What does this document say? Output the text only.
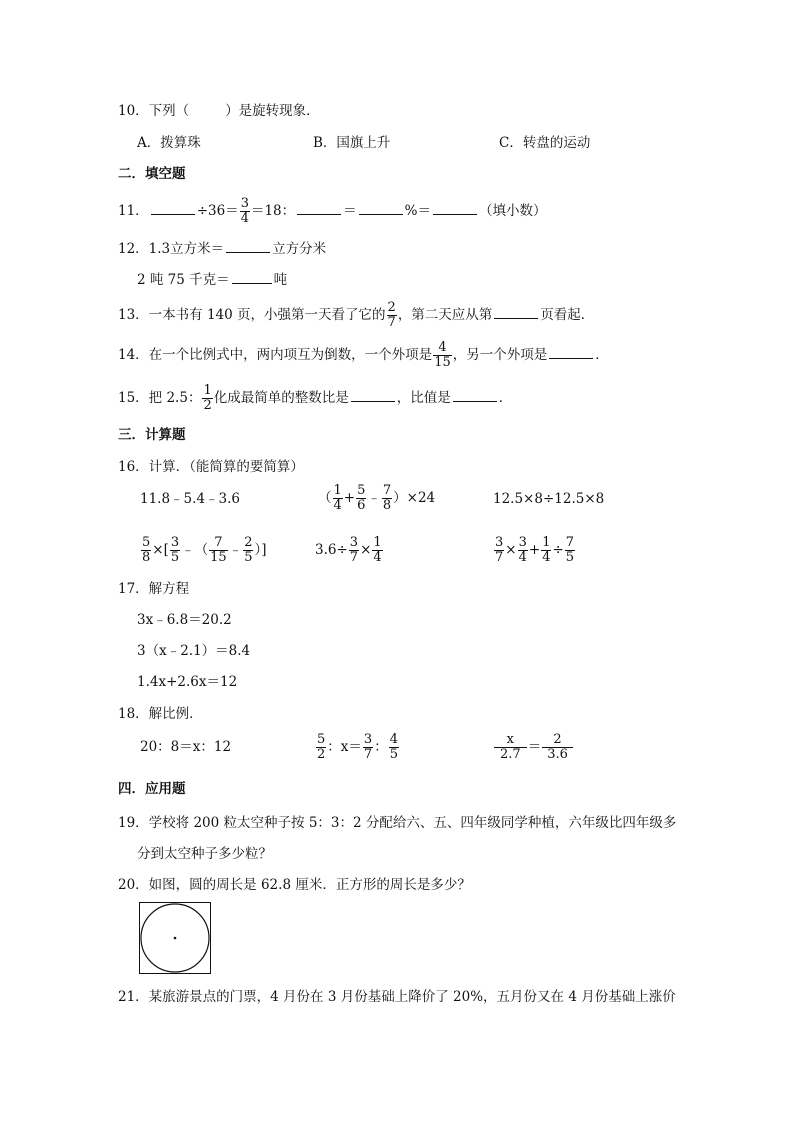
10．下列（	）是旋转现象．
A．拨算珠	B．国旗上升	C．转盘的运动
二．填空题
11．	$\div 36= \frac{3}{4} =18$：	＝	%＝	（填小数）
12．1.3立方米＝	立方分米
2 吨 75 千克＝	吨
13．一本书有 140 页，小强第一天看了它的 $\frac{2}{7}$ ，第二天应从第	页看起．
14．在一个比例式中，两内项互为倒数，一个外项是 $\frac{4}{15}$ ，另一个外项是	．
15．把 2.5： $\frac{1}{2}$ 化成最简单的整数比是	，比值是	．
三．计算题
16．计算．（能简算的要简算）
11.8﹣5.4﹣3.6	（ $\frac{1}{4} + \frac{5}{6}$ ﹣ $\frac{7}{8} )\times 24$	12.5×8÷12.5×8
$\frac{5}{8}$ ×[ $\frac{3}{5}$ ﹣（ $\frac{7}{15}$ ﹣ $\frac{2}{5}$ ）]	$3.6\div \frac{3}{7} \times \frac{1}{4}$	$\frac{3}{7} \times \frac{3}{4} + \frac{1}{4} \div \frac{7}{5}$
17．解方程
3x﹣6.8＝20.2
3（x﹣2.1）＝8.4
1.4x+2.6x＝12
18．解比例．
20：8＝x：12	$\frac{5}{2}$ ：$x= \frac{3}{7}$ ： $\frac{4}{5}$	$\frac{x}{2.7} = \frac{2}{3.6}$
四．应用题
19．学校将 200 粒太空种子按 5：3：2 分配给六、五、四年级同学种植，六年级比四年级多
分到太空种子多少粒？
20．如图，圆的周长是 62.8 厘米．正方形的周长是多少？
21．某旅游景点的门票，4 月份在 3 月份基础上降价了 20%，五月份又在 4 月份基础上涨价
